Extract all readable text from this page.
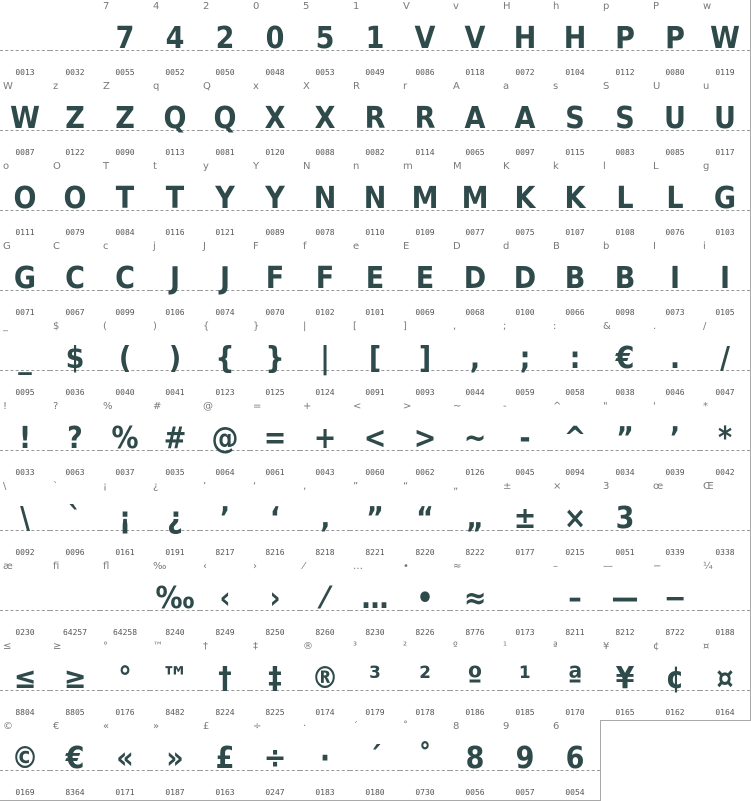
0013	0032
7
7
0055
4
4
0052
2
2
0050
0
0
0048
5
5
0053
1
1
0049
V
V
0086
v
V
0118
H
H
0072
h
H
0104
p
P
0112
P
P
0080
w
W
0119
W
W
0087
z
Z
0122
Z
Z
0090
q
Q
0113
Q
Q
0081
x
X
0120
X
X
0088
R
R
0082
r
R
0114
A
A
0065
a
A
0097
s
S
0115
S
S
0083
U
U
0085
u
U
0117
o
O
0111
O
O
0079
T
T
0084
t
T
0116
y
Y
0121
Y
Y
0089
N
N
0078
n
N
0110
m
M
0109
M
M
0077
K
K
0075
k
K
0107
l
L
0108
L
L
0076
g
G
0103
G
G
0071
C
C
0067
c
C
0099
j
J
0106
J
J
0074
F
F
0070
f
F
0102
e
E
0101
E
E
0069
D
D
0068
d
D
0100
B
B
0066
b
B
0098
I
I
0073
i
I
0105
_
_
0095
$
$
0036
(
(
0040
)
)
0041
{
{
0123
}
}
0125
|
|
0124
[
[
0091
]
]
0093
,
,
0044
;
;
0059
:
:
0058
&
€
0038
.
.
0046
/
/
0047
!
!
0033
?
?
0063
%
%
0037
#
#
0035
@
@
0064
=
=
0061
+
+
0043
<
<
0060
>
>
0062
~
~
0126
-
-
0045
^
^
0094
"
”
0034
'
’
0039
*
*
0042
\
\
0092
`
`
0096
¡
¡
0161
¿
¿
0191
’
’
8217
‘
‘
8216
‚
‚
8218
”
”
8221
“
“
8220
„
„
8222
±
±
0177
×
×
0215
3
3
0051
œ
0339
Œ
0338
æ
0230
fi
64257
fl
64258
‰
‰
8240
‹
‹
8249
›
›
8250
⁄
⁄
8260
…
…
8230
•
•
8226
≈
≈
8776	0173
–
–
8211
—
—
8212
−
−
8722
¼
0188
≤
≤
8804
≥
≥
8805
°
°
0176
™
™
8482
†
†
8224
‡
‡
8225
®
®
0174
³
³
0179
²
²
0178
º
º
0186
¹
¹
0185
ª
ª
0170
¥
¥
0165
¢
¢
0162
¤
¤
0164
©
©
0169
€
€
8364
«
«
0171
»
»
0187
£
£
0163
÷
÷
0247
·
·
0183
´
´
0180
˚
˚
0730
8
8
0056
9
9
0057
6
6
0054
